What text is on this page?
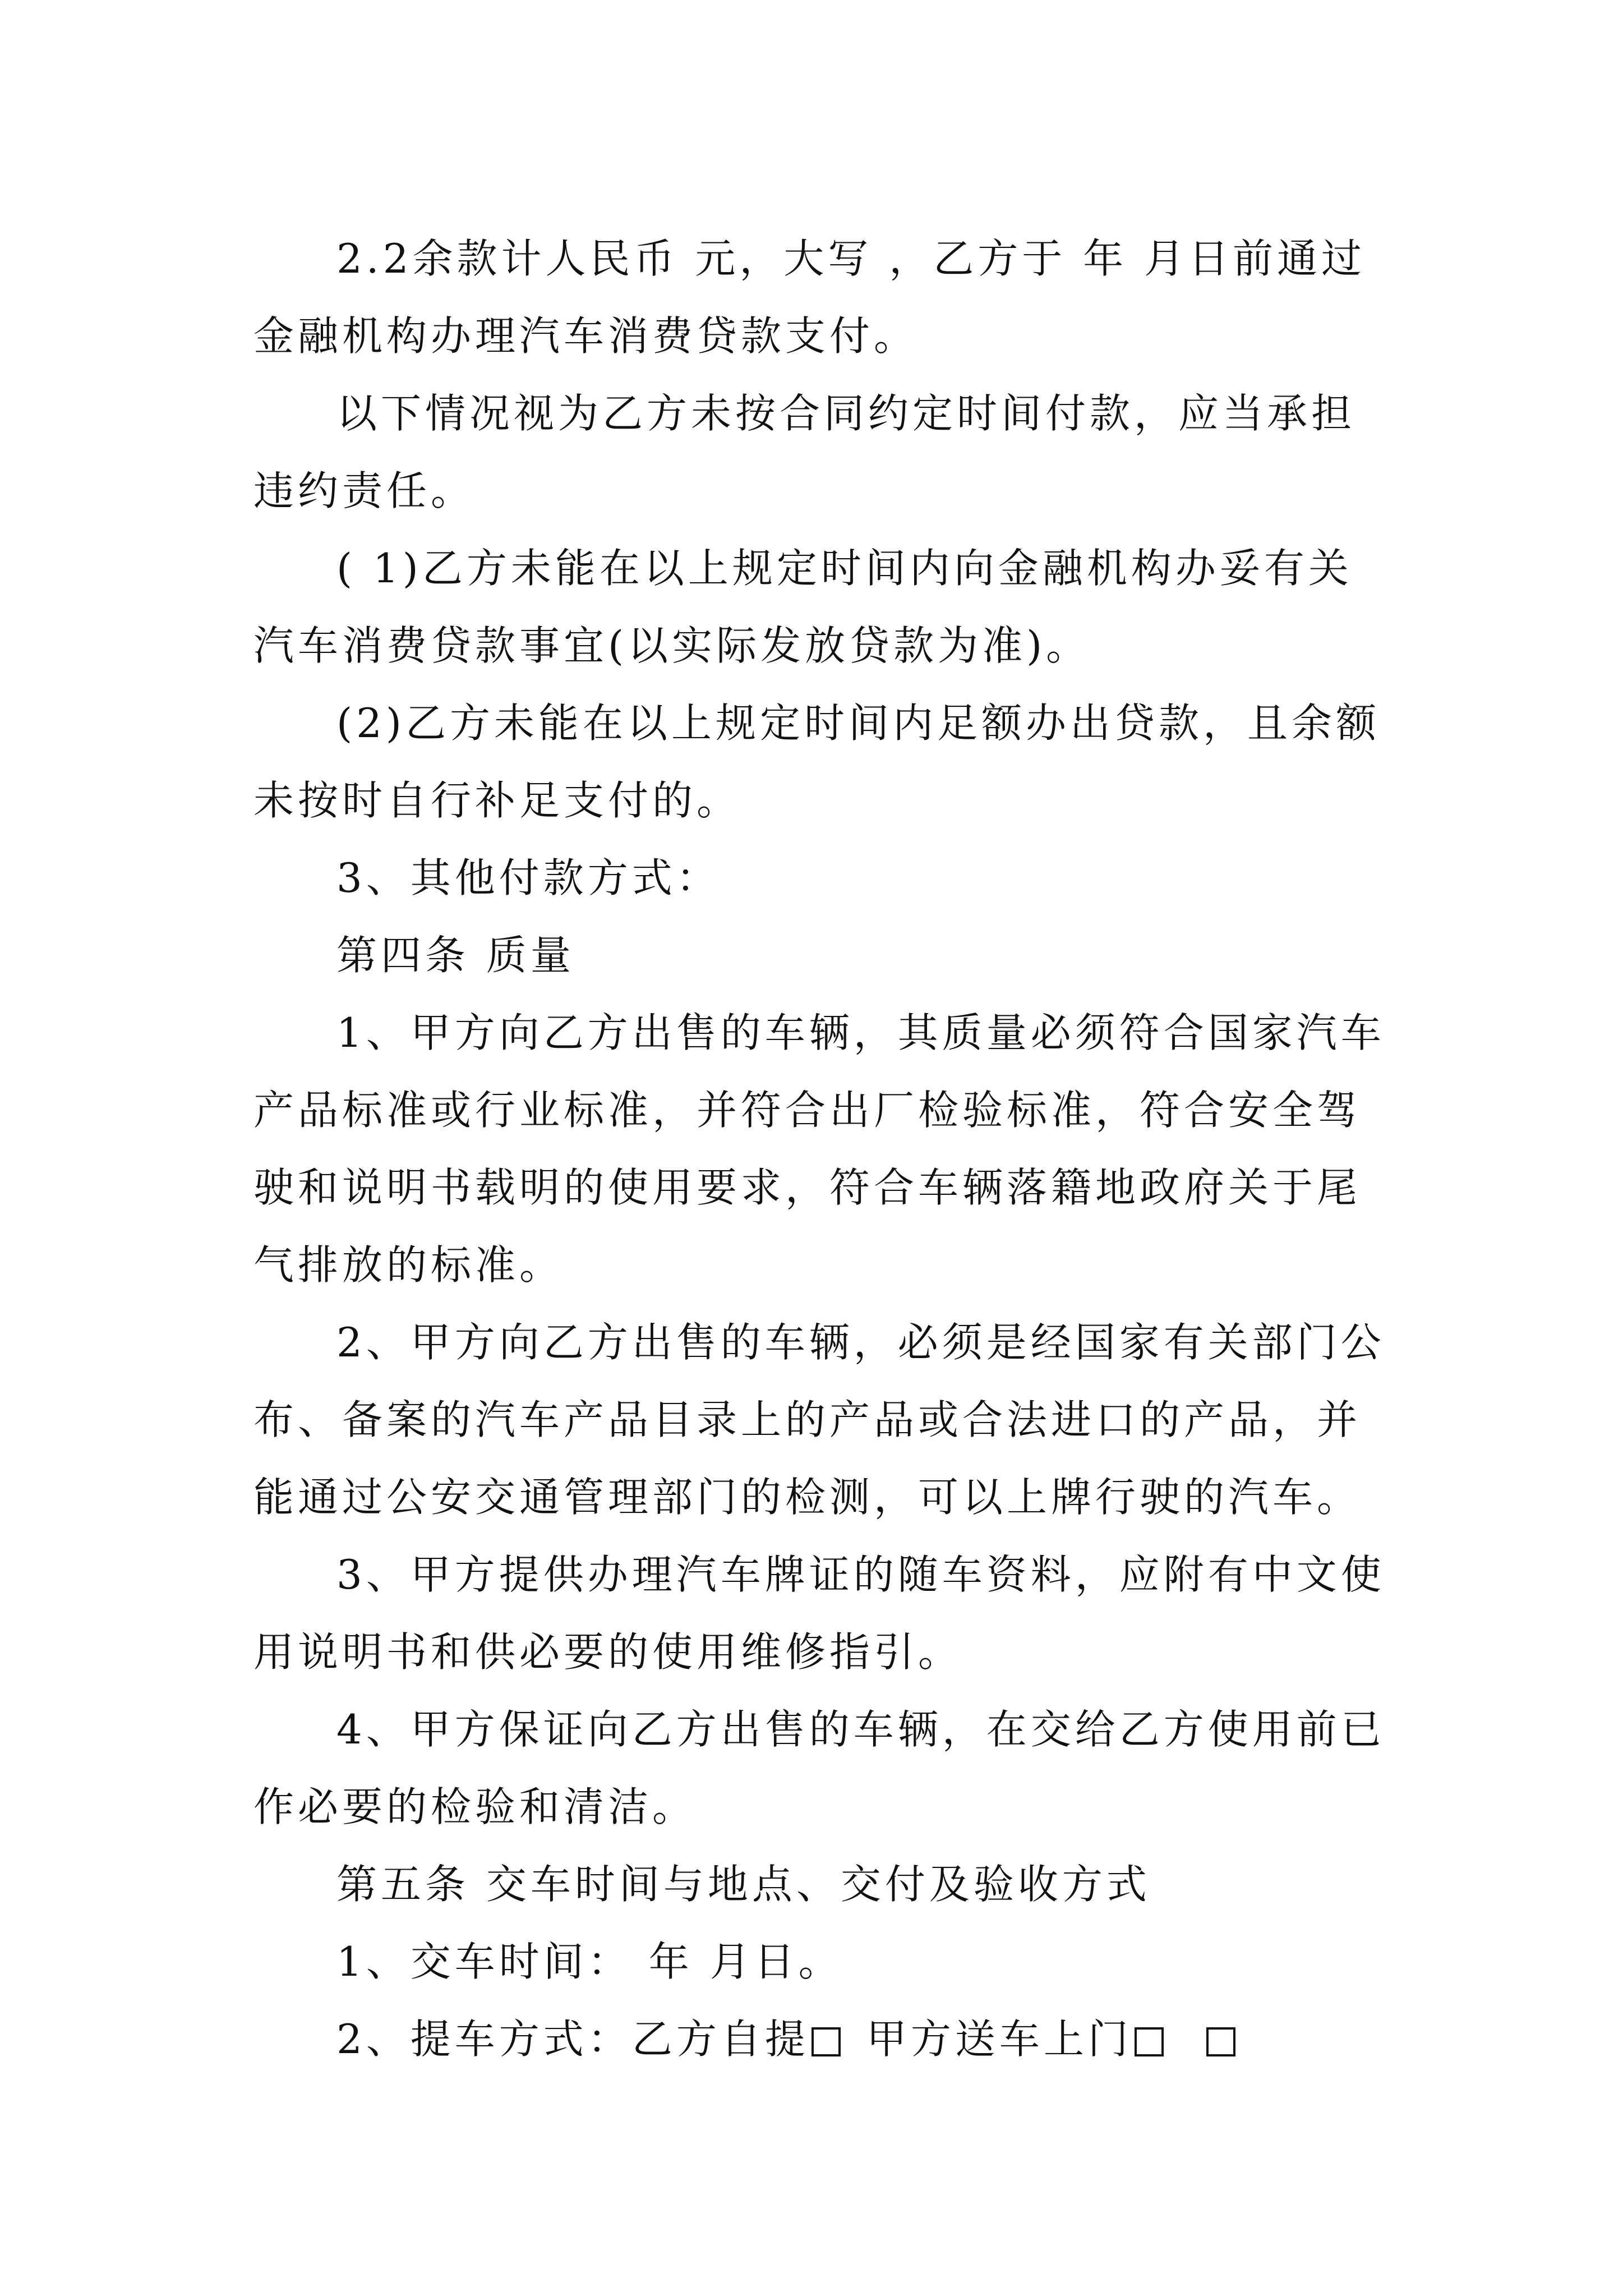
2.2余款计人民币 元，大写 ，乙方于 年 月日前通过金融机构办理汽车消费贷款支付。

以下情况视为乙方未按合同约定时间付款，应当承担违约责任。

( 1)乙方未能在以上规定时间内向金融机构办妥有关汽车消费贷款事宜(以实际发放贷款为准)。

(2)乙方未能在以上规定时间内足额办出贷款，且余额未按时自行补足支付的。

3、其他付款方式：

第四条 质量

1、甲方向乙方出售的车辆，其质量必须符合国家汽车产品标准或行业标准，并符合出厂检验标准，符合安全驾驶和说明书载明的使用要求，符合车辆落籍地政府关于尾气排放的标准。

2、甲方向乙方出售的车辆，必须是经国家有关部门公布、备案的汽车产品目录上的产品或合法进口的产品，并能通过公安交通管理部门的检测，可以上牌行驶的汽车。

3、甲方提供办理汽车牌证的随车资料，应附有中文使用说明书和供必要的使用维修指引。

4、甲方保证向乙方出售的车辆，在交给乙方使用前已作必要的检验和清洁。

第五条 交车时间与地点、交付及验收方式

1、交车时间： 年 月日。

2、提车方式：乙方自提 甲方送车上门
